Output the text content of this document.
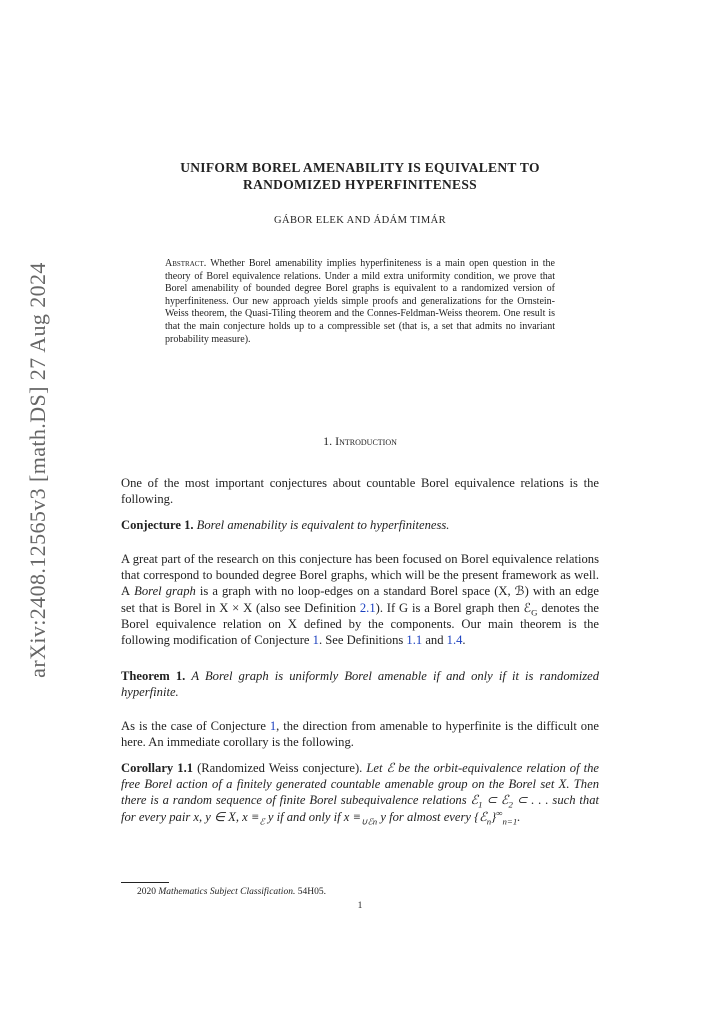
arXiv:2408.12565v3 [math.DS] 27 Aug 2024
UNIFORM BOREL AMENABILITY IS EQUIVALENT TO
RANDOMIZED HYPERFINITENESS
GÁBOR ELEK AND ÁDÁM TIMÁR
Abstract. Whether Borel amenability implies hyperfiniteness is a main open question in the theory of Borel equivalence relations. Under a mild extra uniformity condition, we prove that Borel amenability of bounded degree Borel graphs is equivalent to a randomized version of hyperfiniteness. Our new approach yields simple proofs and generalizations for the Ornstein-Weiss theorem, the Quasi-Tiling theorem and the Connes-Feldman-Weiss theorem. One result is that the main conjecture holds up to a compressible set (that is, a set that admits no invariant probability measure).
1. Introduction
One of the most important conjectures about countable Borel equivalence relations is the following.
Conjecture 1. Borel amenability is equivalent to hyperfiniteness.
A great part of the research on this conjecture has been focused on Borel equivalence relations that correspond to bounded degree Borel graphs, which will be the present framework as well. A Borel graph is a graph with no loop-edges on a standard Borel space (X, ℬ) with an edge set that is Borel in X × X (also see Definition 2.1). If G is a Borel graph then ℰ$_G$ denotes the Borel equivalence relation on X defined by the components. Our main theorem is the following modification of Conjecture 1. See Definitions 1.1 and 1.4.
Theorem 1. A Borel graph is uniformly Borel amenable if and only if it is randomized hyperfinite.
As is the case of Conjecture 1, the direction from amenable to hyperfinite is the difficult one here. An immediate corollary is the following.
Corollary 1.1 (Randomized Weiss conjecture). Let ℰ be the orbit-equivalence relation of the free Borel action of a finitely generated countable amenable group on the Borel set X. Then there is a random sequence of finite Borel subequivalence relations ℰ$_1$ ⊂ ℰ$_2$ ⊂ . . . such that for every pair x, y ∈ X, $x \equiv_ℰ$ y if and only if $x \equiv_{\cup ℰn}$ y for almost every $\{ℰ_n\}^\infty_{n=1}$.
2020 Mathematics Subject Classification. 54H05.
1
